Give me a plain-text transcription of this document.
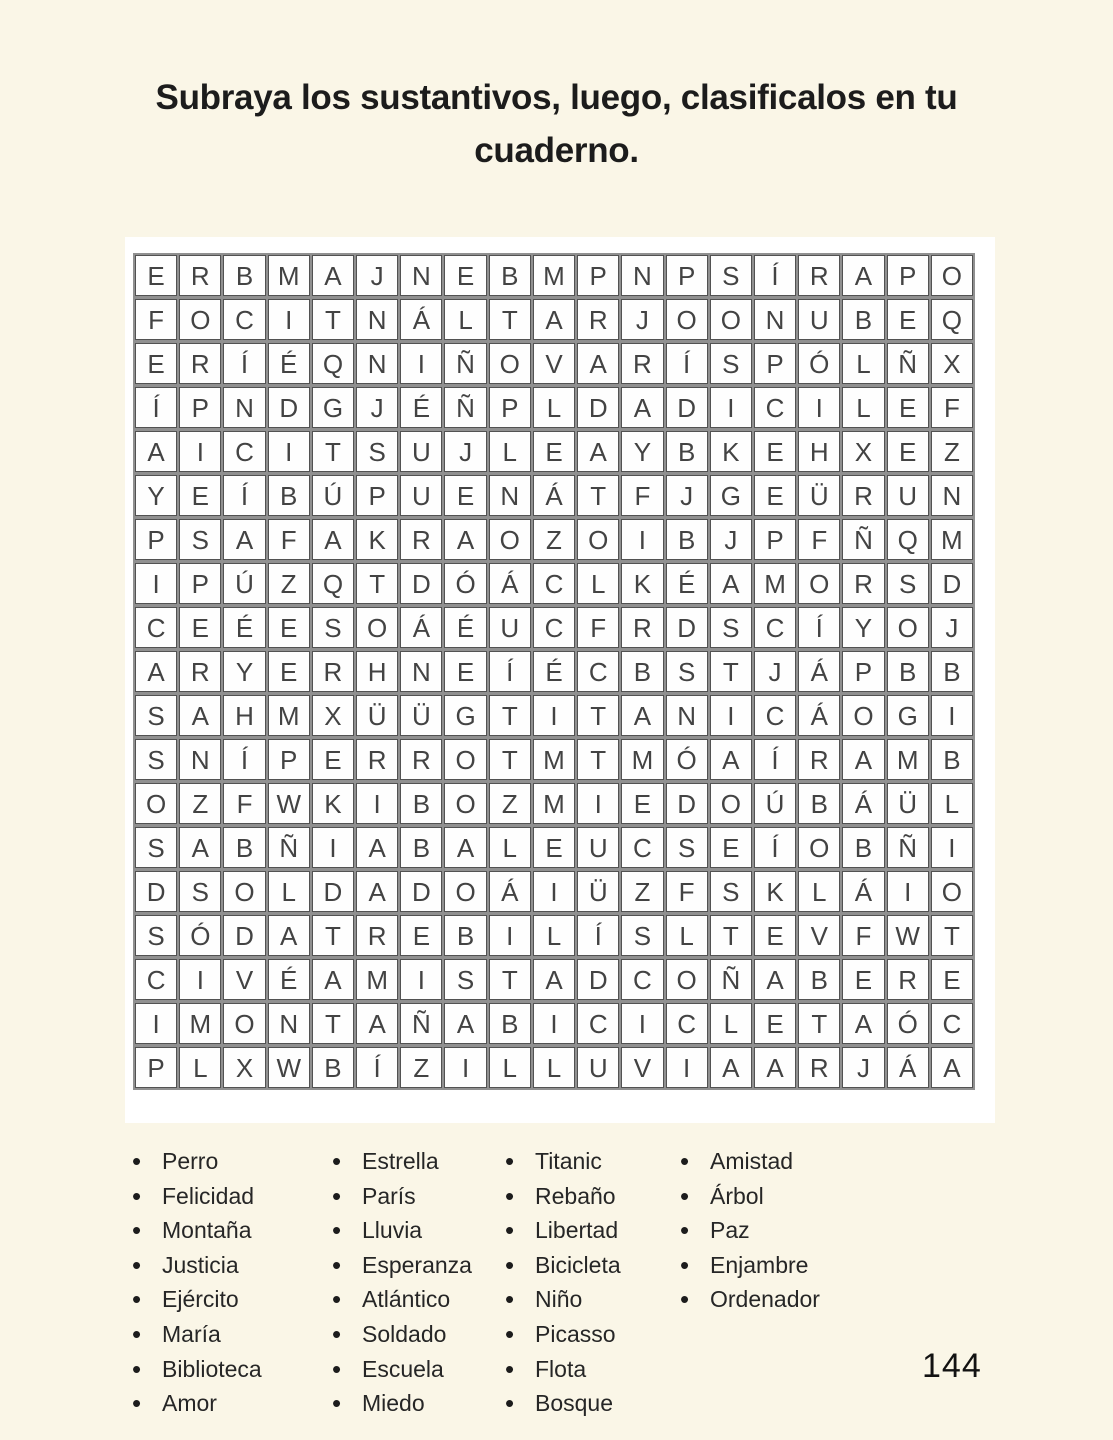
Subraya los sustantivos, luego, clasificalos en tu cuaderno.
E	R	B M A	J	N	E	B M P	N	P	S	Í	R	A	P O
F	O C	I	T	N	Á	L	T	A	R	J	O O N U	B	E Q
E	R	Í	É Q N	I	Ñ O V	A	R	Í	S	P Ó	L	Ñ	X
Í	P	N D G	J	É	Ñ	P	L	D	A	D	I	C	I	L	E	F
A	I	C	I	T	S	U	J	L	E	A	Y	B	K	E	H	X	E	Z
Y	E	Í	B	Ú	P	U	E	N	Á	T	F	J	G E	Ü R U N
P	S	A	F	A	K	R	A O	Z	O	I	B	J	P	F	Ñ Q M
I	P	Ú	Z	Q	T	D Ó Á	C	L	K	É	A M O R	S	D
C	E	É	E	S O Á	É	U C	F	R D	S	C	Í	Y O	J
A	R	Y	E	R H N	E	Í	É	C	B	S	T	J	Á	P	B	B
S	A	H M X	Ü Ü G	T	I	T	A	N	I	C	Á O G	I
S	N	Í	P	E	R R O	T M T M Ó A	Í	R	A M B
O	Z	F W K	I	B O	Z M	I	E	D O Ú	B	Á	Ü	L
S	A	B	Ñ	I	A	B	A	L	E	U C	S	E	Í	O B	Ñ	I
D	S O	L	D	A	D O Á	I	Ü	Z	F	S	K	L	Á	I	O
S Ó D	A	T	R	E	B	I	L	Í	S	L	T	E	V	F W T
C	I	V	É	A M	I	S	T	A	D C O Ñ	A	B	E	R	E
I	M O N	T	A	Ñ	A	B	I	C	I	C	L	E	T	A Ó C
P	L	X W B	Í	Z	I	L	L	U	V	I	A	A	R	J	Á	A
• Perro
• Felicidad
• Montaña
• Justicia
• Ejército
• María
• Biblioteca
• Amor
• Estrella
• París
• Lluvia
• Esperanza
• Atlántico
• Soldado
• Escuela
• Miedo
• Titanic
• Rebaño
• Libertad
• Bicicleta
• Niño
• Picasso
• Flota
• Bosque
• Amistad
• Árbol
• Paz
• Enjambre
• Ordenador
144
